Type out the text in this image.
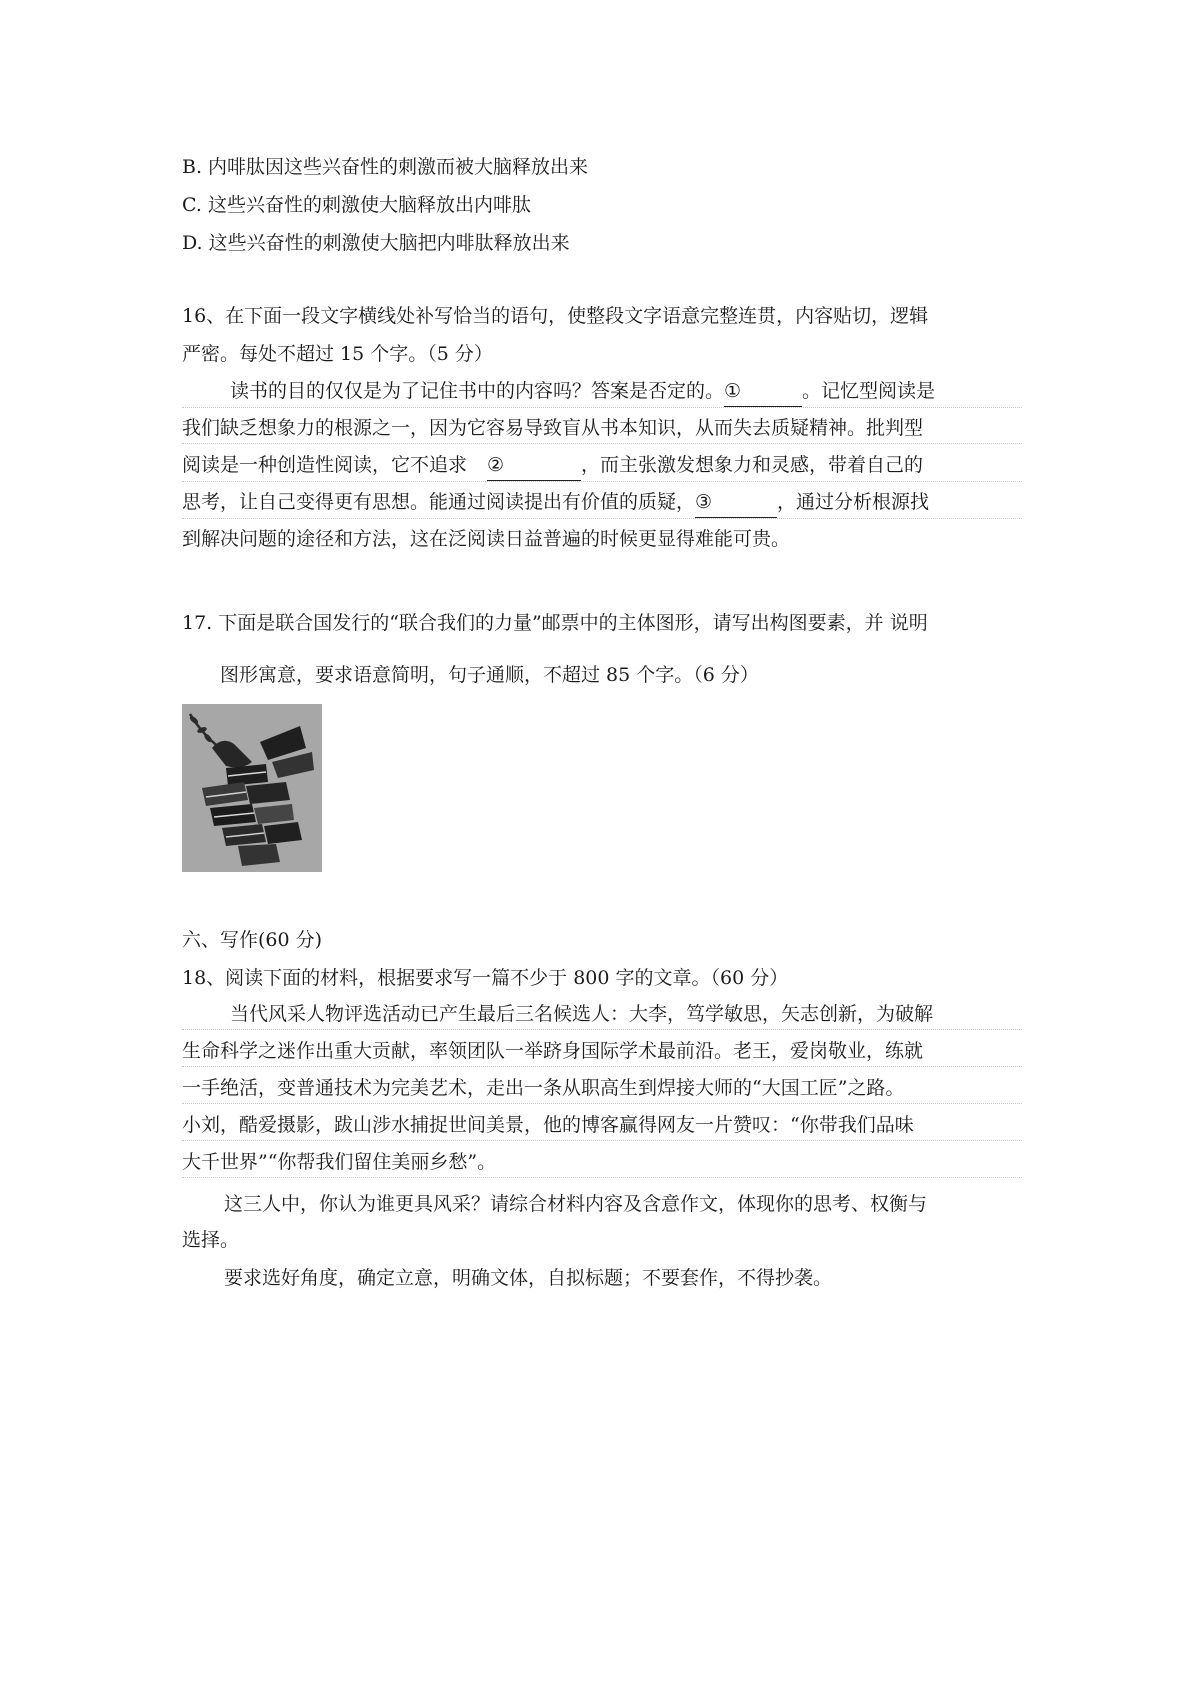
B. 内啡肽因这些兴奋性的刺激而被大脑释放出来
C. 这些兴奋性的刺激使大脑释放出内啡肽
D. 这些兴奋性的刺激使大脑把内啡肽释放出来
16、在下面一段文字横线处补写恰当的语句，使整段文字语意完整连贯，内容贴切，逻辑
严密。每处不超过 15 个字。（5 分）
读书的目的仅仅是为了记住书中的内容吗？答案是否定的。①	。记忆型阅读是
我们缺乏想象力的根源之一，因为它容易导致盲从书本知识，从而失去质疑精神。批判型
阅读是一种创造性阅读，它不追求 ②	，而主张激发想象力和灵感，带着自己的
思考，让自己变得更有思想。能通过阅读提出有价值的质疑，③	，通过分析根源找
到解决问题的途径和方法，这在泛阅读日益普遍的时候更显得难能可贵。
17. 下面是联合国发行的“联合我们的力量”邮票中的主体图形，请写出构图要素，并 说明
图形寓意，要求语意简明，句子通顺，不超过 85 个字。（6 分）
六、写作(60 分)
18、阅读下面的材料，根据要求写一篇不少于 800 字的文章。（60 分）
当代风采人物评选活动已产生最后三名候选人：大李，笃学敏思，矢志创新，为破解
生命科学之迷作出重大贡献，率领团队一举跻身国际学术最前沿。老王，爱岗敬业，练就
一手绝活，变普通技术为完美艺术，走出一条从职高生到焊接大师的“大国工匠”之路。
小刘，酷爱摄影，跋山涉水捕捉世间美景，他的博客赢得网友一片赞叹：“你带我们品味
大千世界”“你帮我们留住美丽乡愁”。
这三人中，你认为谁更具风采？请综合材料内容及含意作文，体现你的思考、权衡与
选择。
要求选好角度，确定立意，明确文体，自拟标题；不要套作，不得抄袭。
